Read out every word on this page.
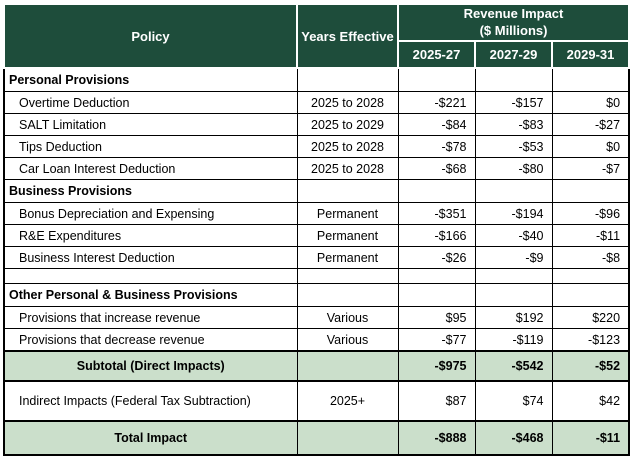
Policy	Years Effective	Revenue Impact
($ Millions)		

		2025-27	2027-29	2029-31
Personal Provisions				
Overtime Deduction	2025 to 2028	-$221	-$157	$0
SALT Limitation	2025 to 2029	-$84	-$83	-$27
Tips Deduction	2025 to 2028	-$78	-$53	$0
Car Loan Interest Deduction	2025 to 2028	-$68	-$80	-$7
Business Provisions				
Bonus Depreciation and Expensing	Permanent	-$351	-$194	-$96
R&E Expenditures	Permanent	-$166	-$40	-$11
Business Interest Deduction	Permanent	-$26	-$9	-$8

Other Personal & Business Provisions				
Provisions that increase revenue	Various	$95	$192	$220
Provisions that decrease revenue	Various	-$77	-$119	-$123
Subtotal (Direct Impacts)		-$975	-$542	-$52
Indirect Impacts (Federal Tax Subtraction)	2025+	$87	$74	$42
Total Impact		-$888	-$468	-$11
